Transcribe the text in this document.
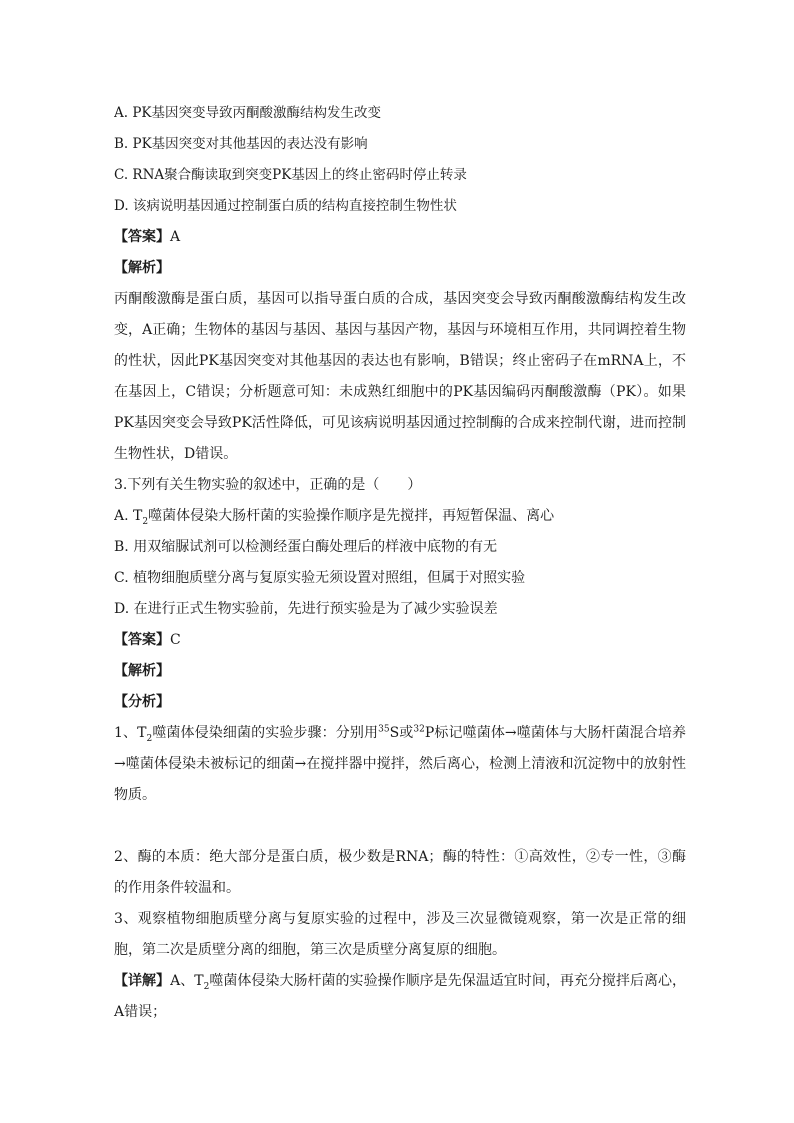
A. PK基因突变导致丙酮酸激酶结构发生改变
B. PK基因突变对其他基因的表达没有影响
C. RNA聚合酶读取到突变PK基因上的终止密码时停止转录
D. 该病说明基因通过控制蛋白质的结构直接控制生物性状
【答案】A
【解析】

丙酮酸激酶是蛋白质，基因可以指导蛋白质的合成，基因突变会导致丙酮酸激酶结构发生改变，A正确；生物体的基因与基因、基因与基因产物，基因与环境相互作用，共同调控着生物的性状，因此PK基因突变对其他基因的表达也有影响，B错误；终止密码子在mRNA上，不在基因上，C错误；分析题意可知：未成熟红细胞中的PK基因编码丙酮酸激酶（PK）。如果PK基因突变会导致PK活性降低，可见该病说明基因通过控制酶的合成来控制代谢，进而控制生物性状，D错误。

3.下列有关生物实验的叙述中，正确的是（　　）
A. $T_2$噬菌体侵染大肠杆菌的实验操作顺序是先搅拌，再短暂保温、离心
B. 用双缩脲试剂可以检测经蛋白酶处理后的样液中底物的有无
C. 植物细胞质壁分离与复原实验无须设置对照组，但属于对照实验
D. 在进行正式生物实验前，先进行预实验是为了减少实验误差
【答案】C
【解析】
【分析】

1、$T_2$噬菌体侵染细菌的实验步骤：分别用$^{35}$S或$^{32}$P标记噬菌体→噬菌体与大肠杆菌混合培养→噬菌体侵染未被标记的细菌→在搅拌器中搅拌，然后离心，检测上清液和沉淀物中的放射性物质。

2、酶的本质：绝大部分是蛋白质，极少数是RNA；酶的特性：①高效性，②专一性，③酶的作用条件较温和。

3、观察植物细胞质壁分离与复原实验的过程中，涉及三次显微镜观察，第一次是正常的细胞，第二次是质壁分离的细胞，第三次是质壁分离复原的细胞。

【详解】A、$T_2$噬菌体侵染大肠杆菌的实验操作顺序是先保温适宜时间，再充分搅拌后离心，A错误；
